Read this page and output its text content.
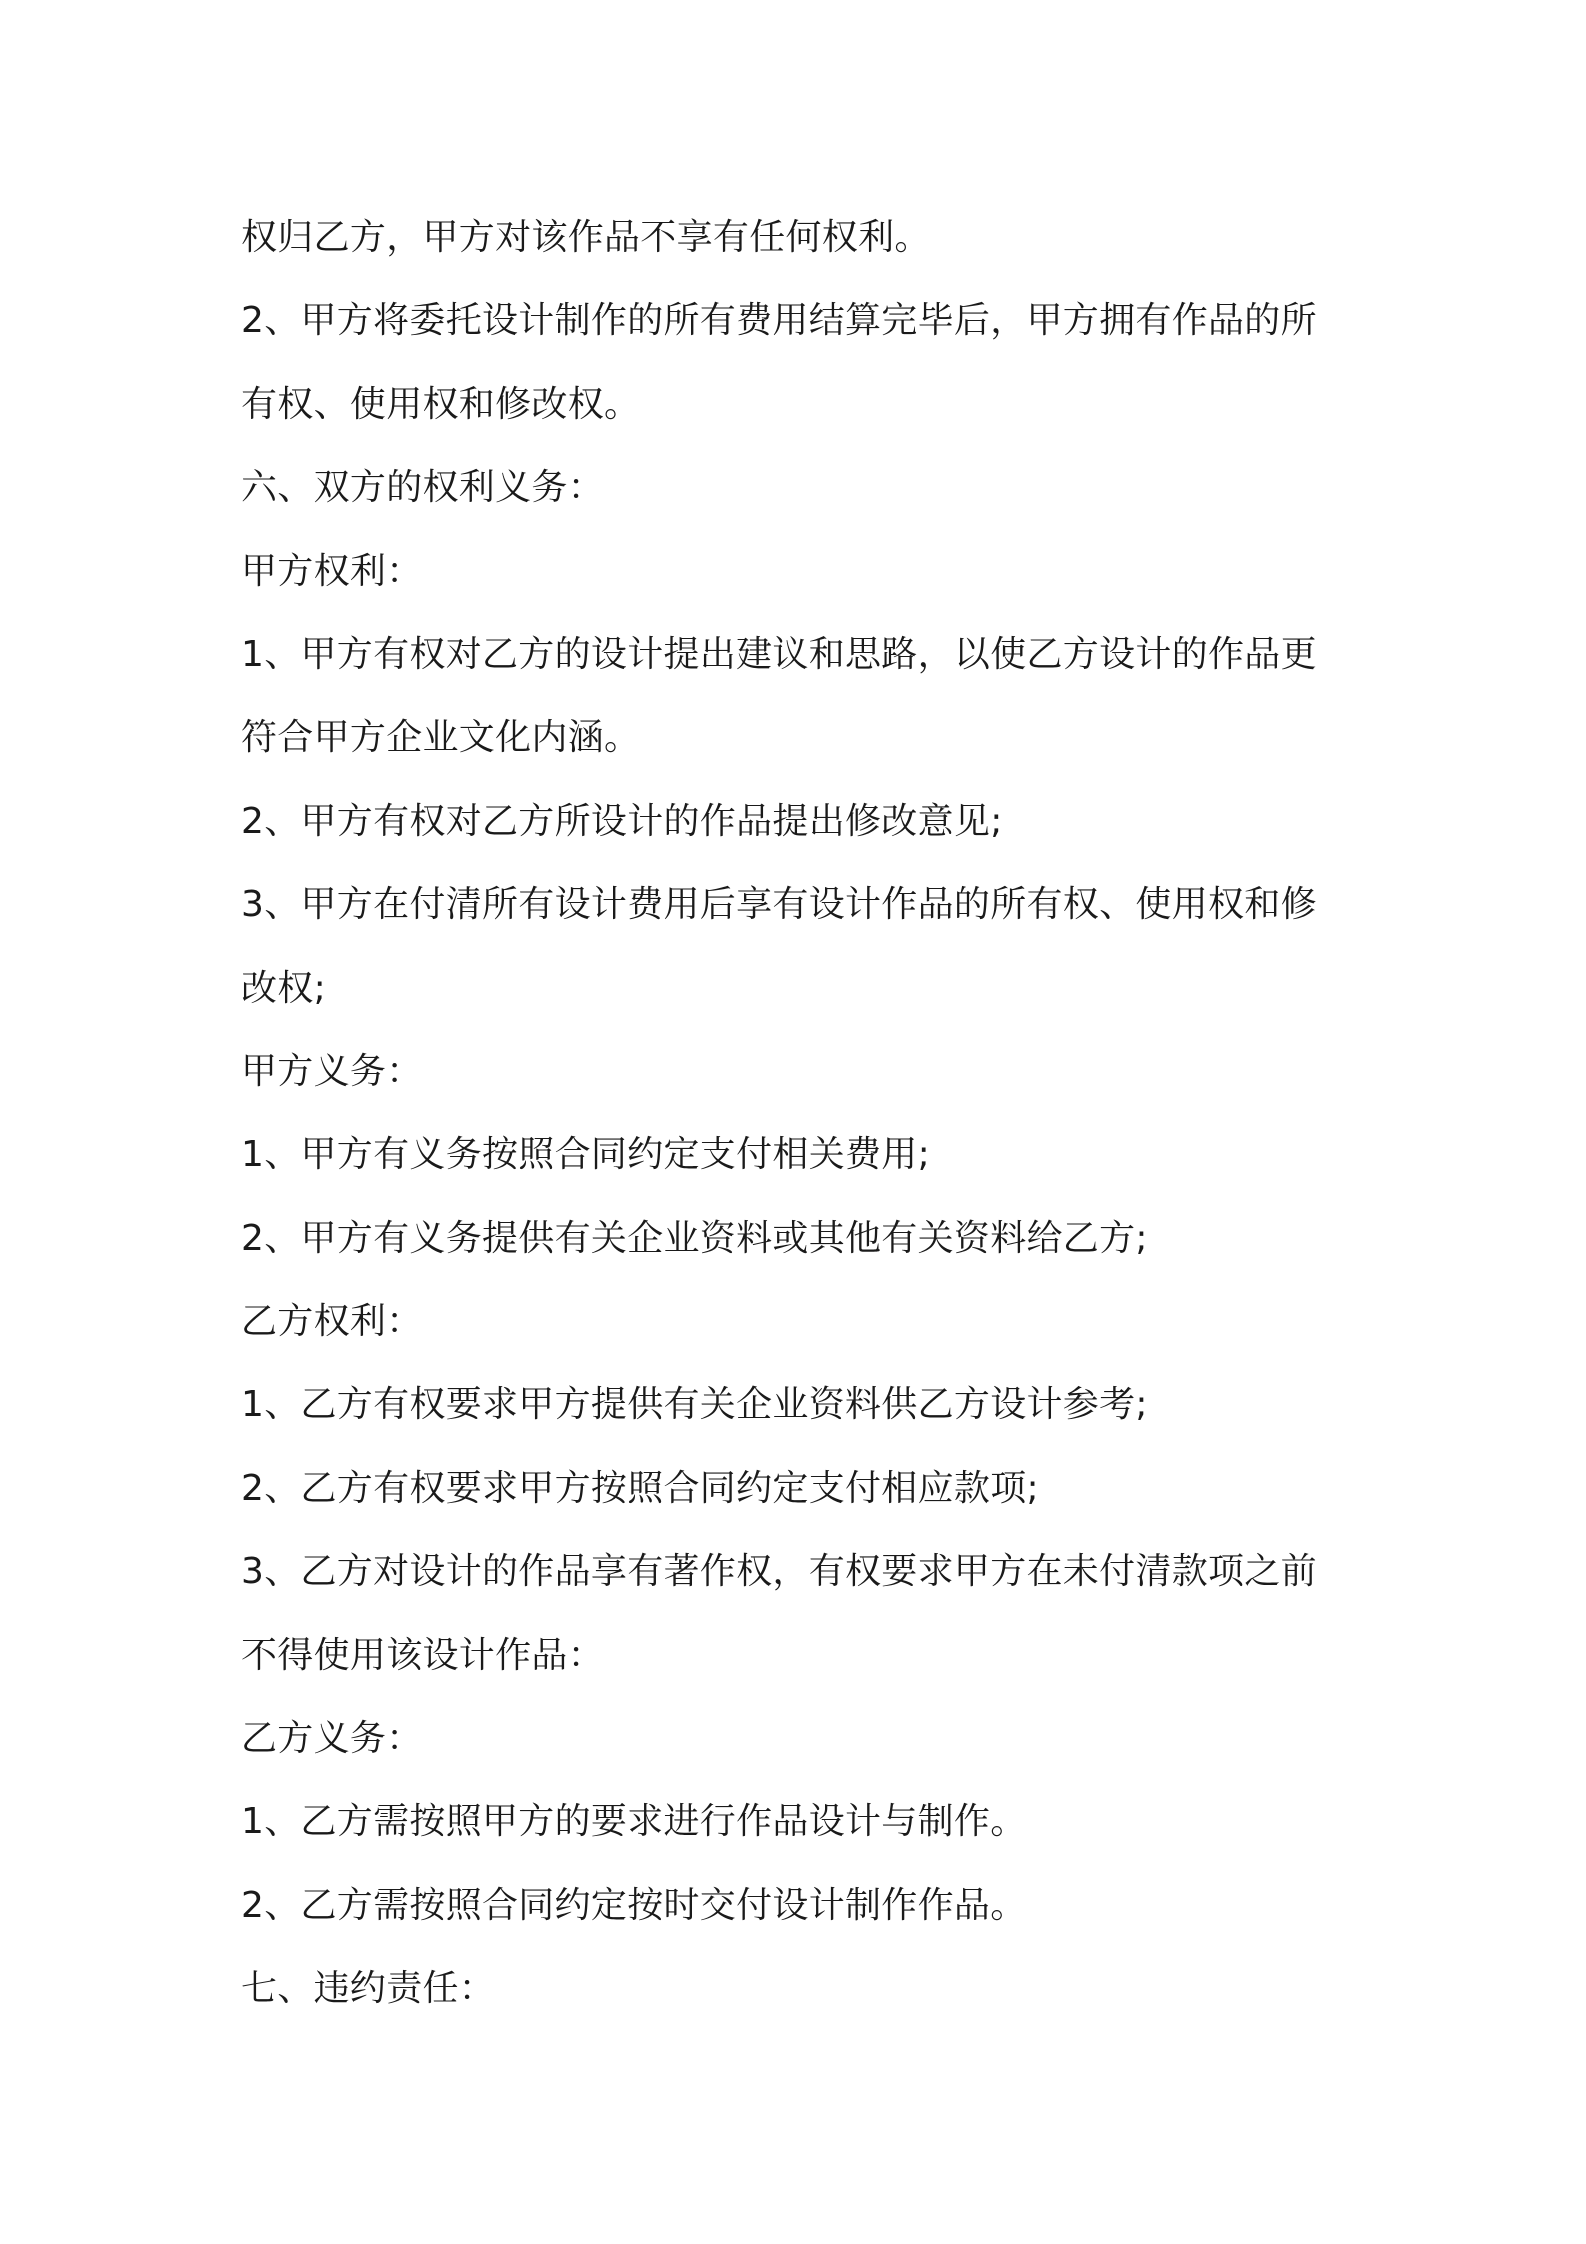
权归乙方，甲方对该作品不享有任何权利。
2、甲方将委托设计制作的所有费用结算完毕后，甲方拥有作品的所
有权、使用权和修改权。
六、双方的权利义务：
甲方权利：
1、甲方有权对乙方的设计提出建议和思路，以使乙方设计的作品更
符合甲方企业文化内涵。
2、甲方有权对乙方所设计的作品提出修改意见;
3、甲方在付清所有设计费用后享有设计作品的所有权、使用权和修
改权;
甲方义务：
1、甲方有义务按照合同约定支付相关费用;
2、甲方有义务提供有关企业资料或其他有关资料给乙方;
乙方权利：
1、乙方有权要求甲方提供有关企业资料供乙方设计参考;
2、乙方有权要求甲方按照合同约定支付相应款项;
3、乙方对设计的作品享有著作权，有权要求甲方在未付清款项之前
不得使用该设计作品：
乙方义务：
1、乙方需按照甲方的要求进行作品设计与制作。
2、乙方需按照合同约定按时交付设计制作作品。
七、违约责任：
